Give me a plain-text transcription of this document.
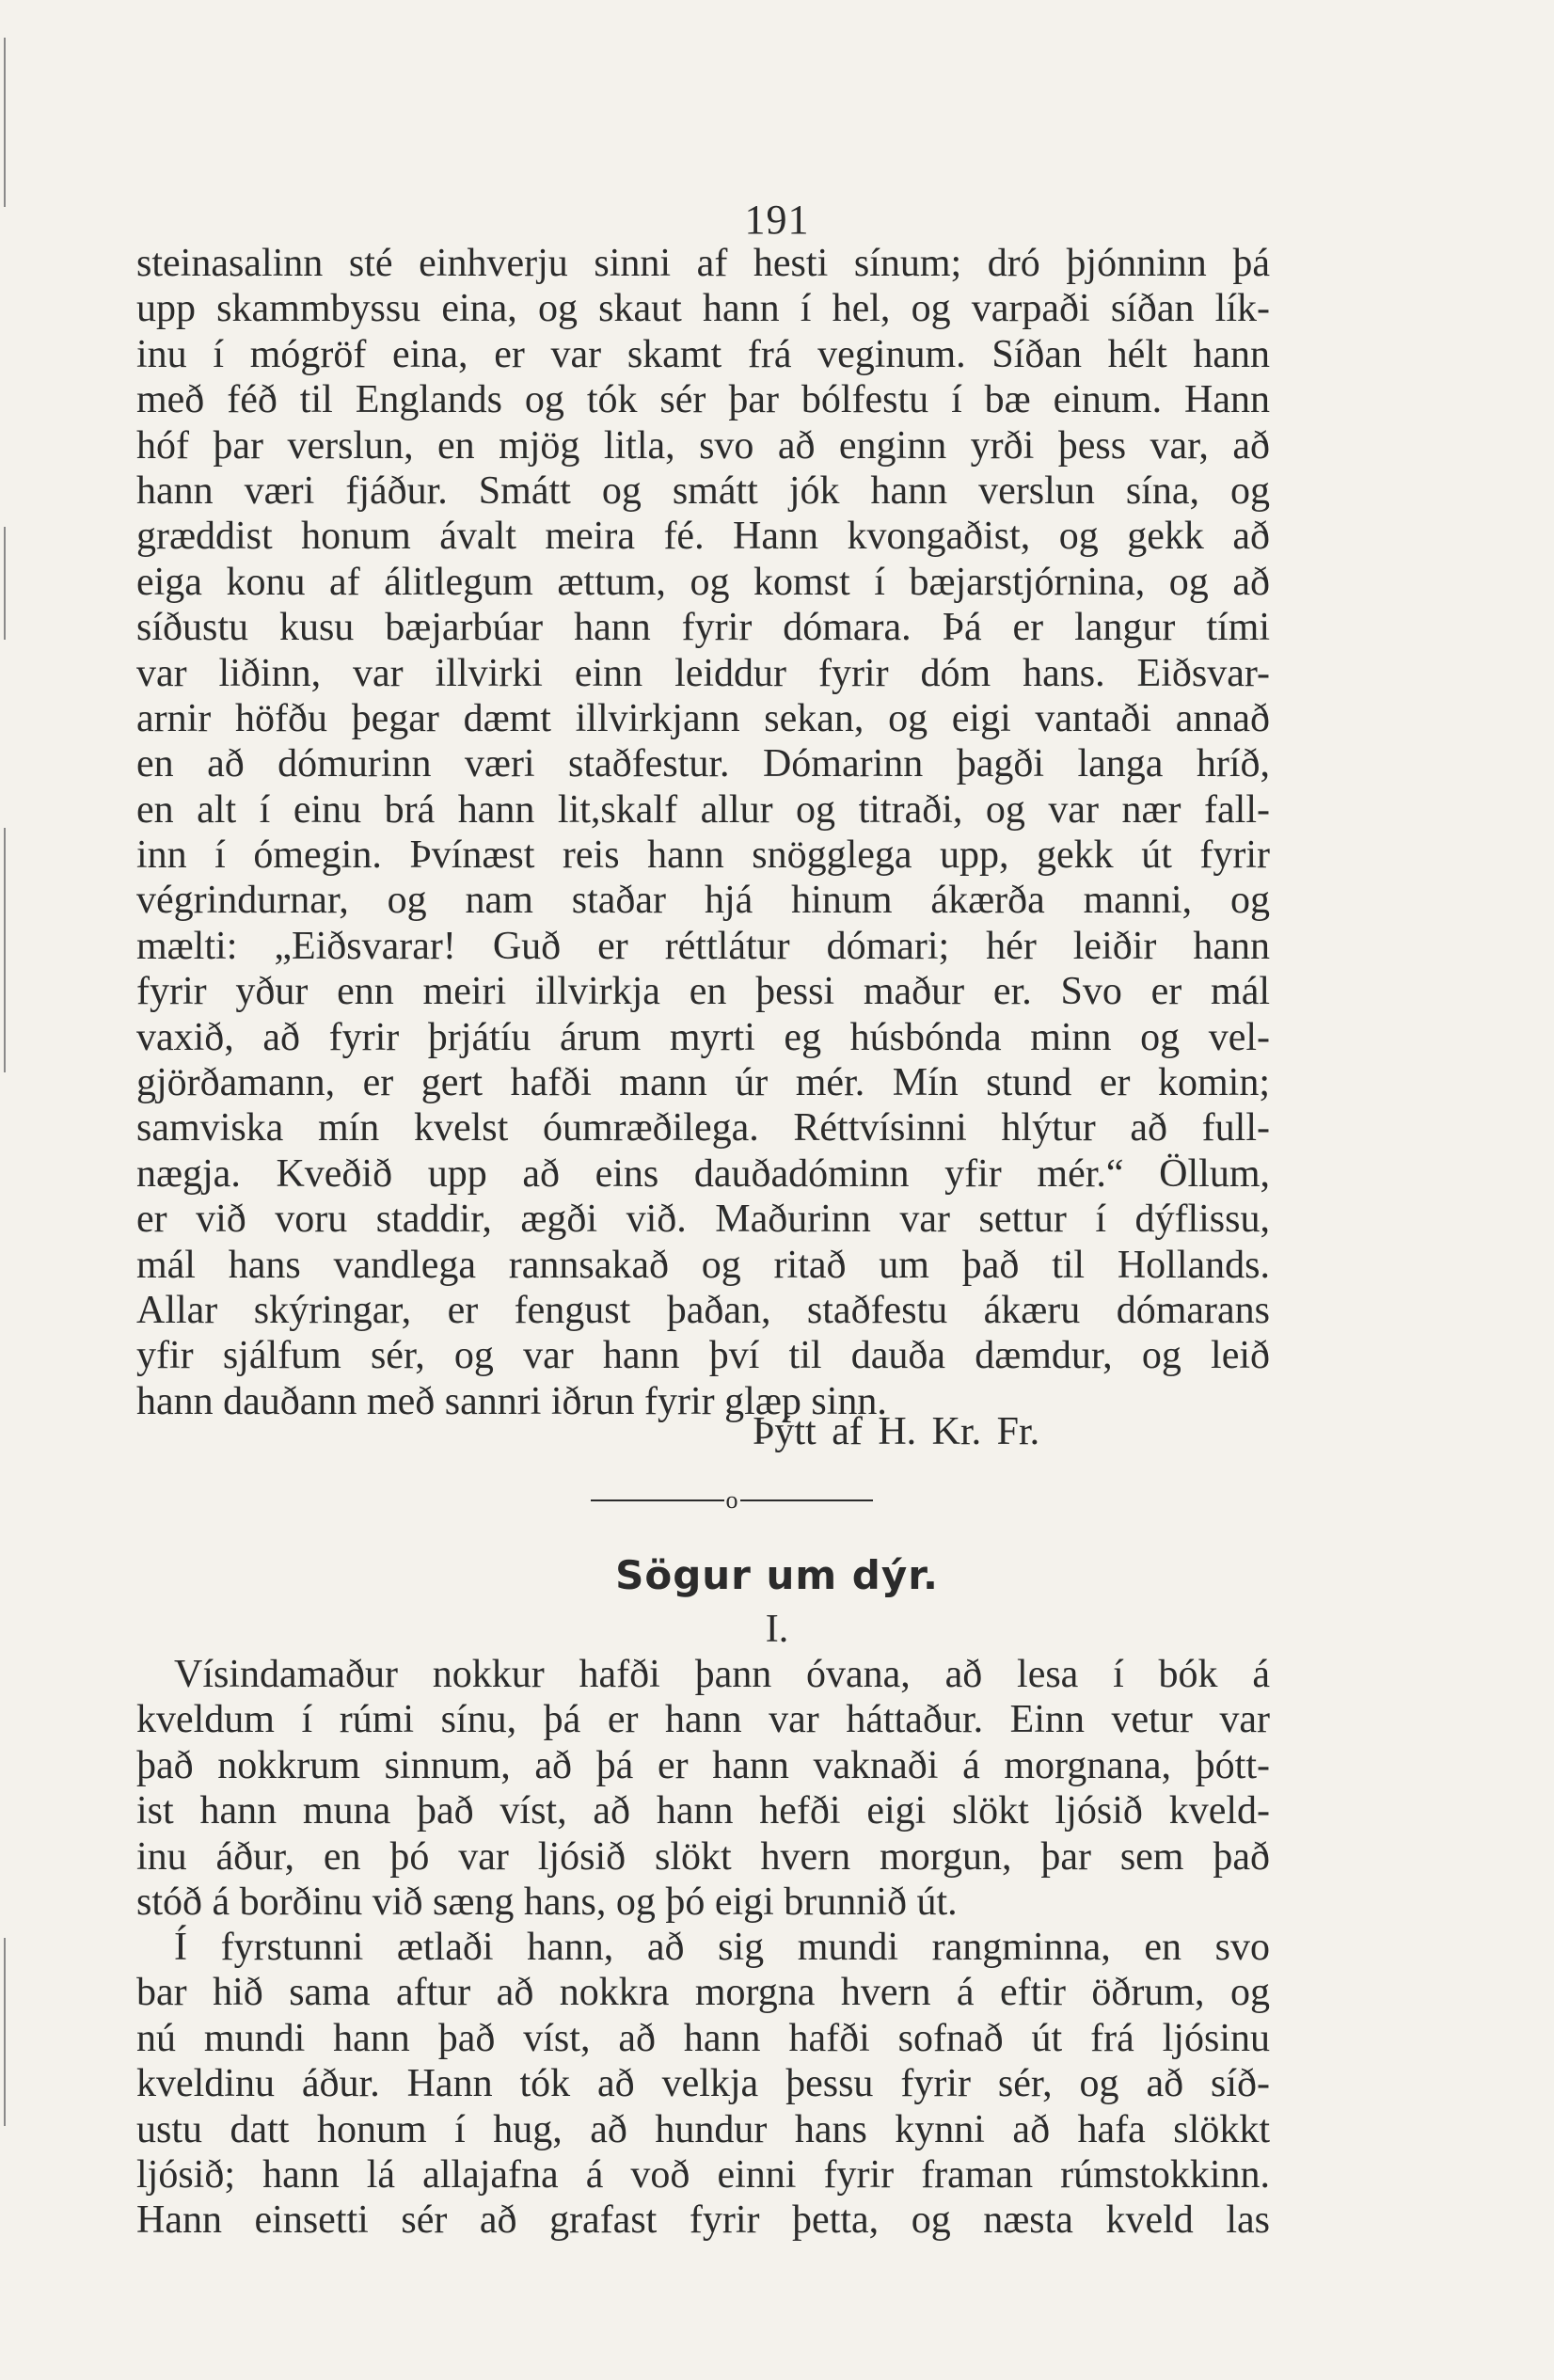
191
steinasalinn sté einhverju sinni af hesti sínum; dró þjónninn þá
upp skammbyssu eina, og skaut hann í hel, og varpaði síðan lík-
inu í mógröf eina, er var skamt frá veginum. Síðan hélt hann
með féð til Englands og tók sér þar bólfestu í bæ einum. Hann
hóf þar verslun, en mjög litla, svo að enginn yrði þess var, að
hann væri fjáður. Smátt og smátt jók hann verslun sína, og
græddist honum ávalt meira fé. Hann kvongaðist, og gekk að
eiga konu af álitlegum ættum, og komst í bæjarstjórnina, og að
síðustu kusu bæjarbúar hann fyrir dómara. Þá er langur tími
var liðinn, var illvirki einn leiddur fyrir dóm hans. Eiðsvar-
arnir höfðu þegar dæmt illvirkjann sekan, og eigi vantaði annað
en að dómurinn væri staðfestur. Dómarinn þagði langa hríð,
en alt í einu brá hann lit,skalf allur og titraði, og var nær fall-
inn í ómegin. Þvínæst reis hann snögglega upp, gekk út fyrir
végrindurnar, og nam staðar hjá hinum ákærða manni, og
mælti: „Eiðsvarar! Guð er réttlátur dómari; hér leiðir hann
fyrir yður enn meiri illvirkja en þessi maður er. Svo er mál
vaxið, að fyrir þrjátíu árum myrti eg húsbónda minn og vel-
gjörðamann, er gert hafði mann úr mér. Mín stund er komin;
samviska mín kvelst óumræðilega. Réttvísinni hlýtur að full-
nægja. Kveðið upp að eins dauðadóminn yfir mér.“ Öllum,
er við voru staddir, ægði við. Maðurinn var settur í dýflissu,
mál hans vandlega rannsakað og ritað um það til Hollands.
Allar skýringar, er fengust þaðan, staðfestu ákæru dómarans
yfir sjálfum sér, og var hann því til dauða dæmdur, og leið
hann dauðann með sannri iðrun fyrir glæp sinn.
Þýtt af H. Kr. Fr.
o
Sögur um dýr.
I.
Vísindamaður nokkur hafði þann óvana, að lesa í bók á
kveldum í rúmi sínu, þá er hann var háttaður. Einn vetur var
það nokkrum sinnum, að þá er hann vaknaði á morgnana, þótt-
ist hann muna það víst, að hann hefði eigi slökt ljósið kveld-
inu áður, en þó var ljósið slökt hvern morgun, þar sem það
stóð á borðinu við sæng hans, og þó eigi brunnið út.
Í fyrstunni ætlaði hann, að sig mundi rangminna, en svo
bar hið sama aftur að nokkra morgna hvern á eftir öðrum, og
nú mundi hann það víst, að hann hafði sofnað út frá ljósinu
kveldinu áður. Hann tók að velkja þessu fyrir sér, og að síð-
ustu datt honum í hug, að hundur hans kynni að hafa slökkt
ljósið; hann lá allajafna á voð einni fyrir framan rúmstokkinn.
Hann einsetti sér að grafast fyrir þetta, og næsta kveld las
